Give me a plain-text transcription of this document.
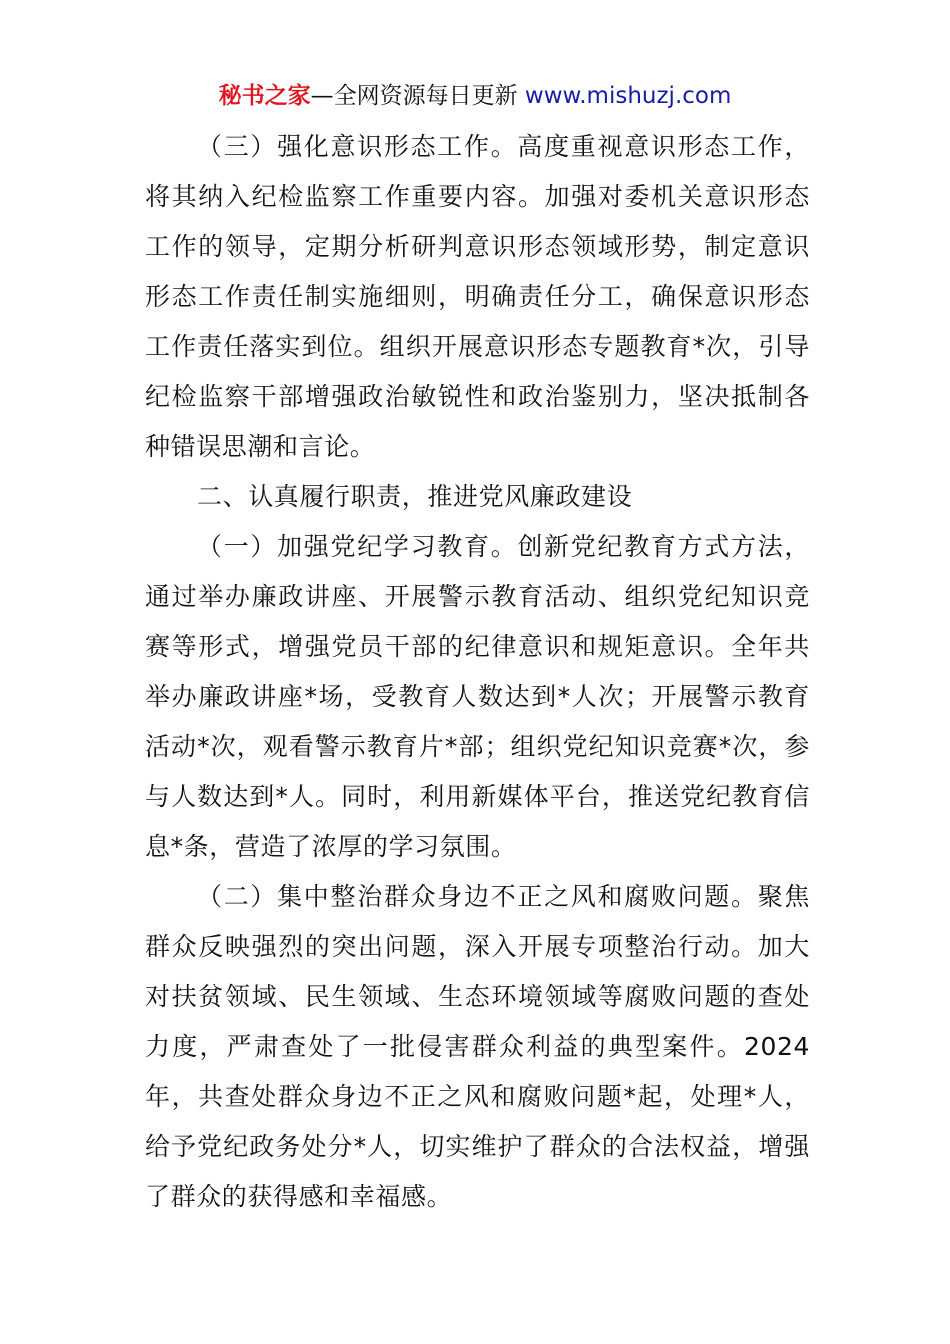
秘书之家—全网资源每日更新 www.mishuzj.com

（三）强化意识形态工作。高度重视意识形态工作，将其纳入纪检监察工作重要内容。加强对委机关意识形态工作的领导，定期分析研判意识形态领域形势，制定意识形态工作责任制实施细则，明确责任分工，确保意识形态工作责任落实到位。组织开展意识形态专题教育*次，引导纪检监察干部增强政治敏锐性和政治鉴别力，坚决抵制各种错误思潮和言论。

二、认真履行职责，推进党风廉政建设

（一）加强党纪学习教育。创新党纪教育方式方法，通过举办廉政讲座、开展警示教育活动、组织党纪知识竞赛等形式，增强党员干部的纪律意识和规矩意识。全年共举办廉政讲座*场，受教育人数达到*人次；开展警示教育活动*次，观看警示教育片*部；组织党纪知识竞赛*次，参与人数达到*人。同时，利用新媒体平台，推送党纪教育信息*条，营造了浓厚的学习氛围。

（二）集中整治群众身边不正之风和腐败问题。聚焦群众反映强烈的突出问题，深入开展专项整治行动。加大对扶贫领域、民生领域、生态环境领域等腐败问题的查处力度，严肃查处了一批侵害群众利益的典型案件。2024年，共查处群众身边不正之风和腐败问题*起，处理*人，给予党纪政务处分*人，切实维护了群众的合法权益，增强了群众的获得感和幸福感。
